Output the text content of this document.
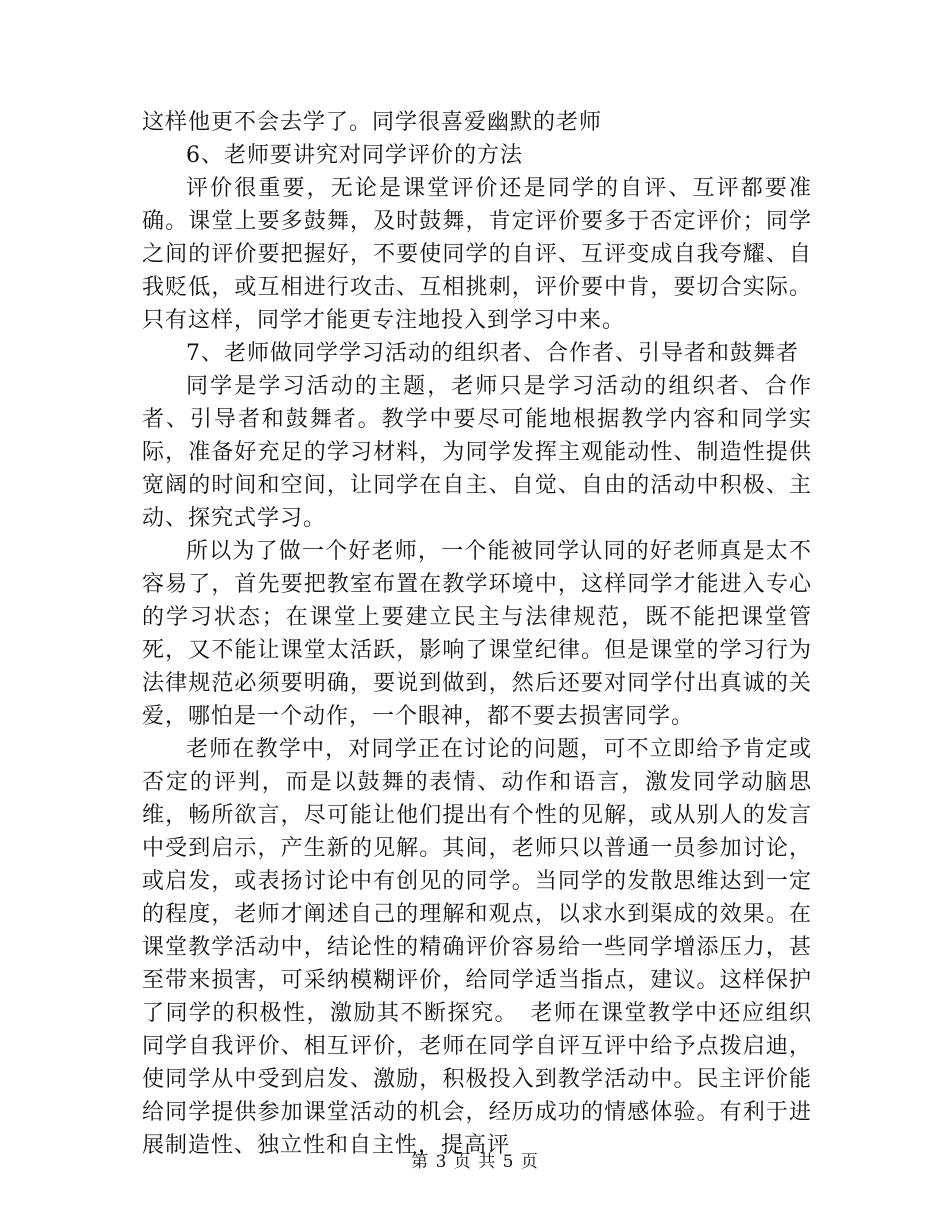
这样他更不会去学了。同学很喜爱幽默的老师

6、老师要讲究对同学评价的方法

评价很重要，无论是课堂评价还是同学的自评、互评都要准确。课堂上要多鼓舞，及时鼓舞，肯定评价要多于否定评价；同学之间的评价要把握好，不要使同学的自评、互评变成自我夸耀、自我贬低，或互相进行攻击、互相挑刺，评价要中肯，要切合实际。只有这样，同学才能更专注地投入到学习中来。

7、老师做同学学习活动的组织者、合作者、引导者和鼓舞者

同学是学习活动的主题，老师只是学习活动的组织者、合作者、引导者和鼓舞者。教学中要尽可能地根据教学内容和同学实际，准备好充足的学习材料，为同学发挥主观能动性、制造性提供宽阔的时间和空间，让同学在自主、自觉、自由的活动中积极、主动、探究式学习。

所以为了做一个好老师，一个能被同学认同的好老师真是太不容易了，首先要把教室布置在教学环境中，这样同学才能进入专心的学习状态；在课堂上要建立民主与法律规范，既不能把课堂管死，又不能让课堂太活跃，影响了课堂纪律。但是课堂的学习行为法律规范必须要明确，要说到做到，然后还要对同学付出真诚的关爱，哪怕是一个动作，一个眼神，都不要去损害同学。

老师在教学中，对同学正在讨论的问题，可不立即给予肯定或否定的评判，而是以鼓舞的表情、动作和语言，激发同学动脑思维，畅所欲言，尽可能让他们提出有个性的见解，或从别人的发言中受到启示，产生新的见解。其间，老师只以普通一员参加讨论，或启发，或表扬讨论中有创见的同学。当同学的发散思维达到一定的程度，老师才阐述自己的理解和观点，以求水到渠成的效果。在课堂教学活动中，结论性的精确评价容易给一些同学增添压力，甚至带来损害，可采纳模糊评价，给同学适当指点，建议。这样保护了同学的积极性，激励其不断探究。　老师在课堂教学中还应组织同学自我评价、相互评价，老师在同学自评互评中给予点拨启迪，使同学从中受到启发、激励，积极投入到教学活动中。民主评价能给同学提供参加课堂活动的机会，经历成功的情感体验。有利于进展制造性、独立性和自主性，提高评

第 3 页 共 5 页
